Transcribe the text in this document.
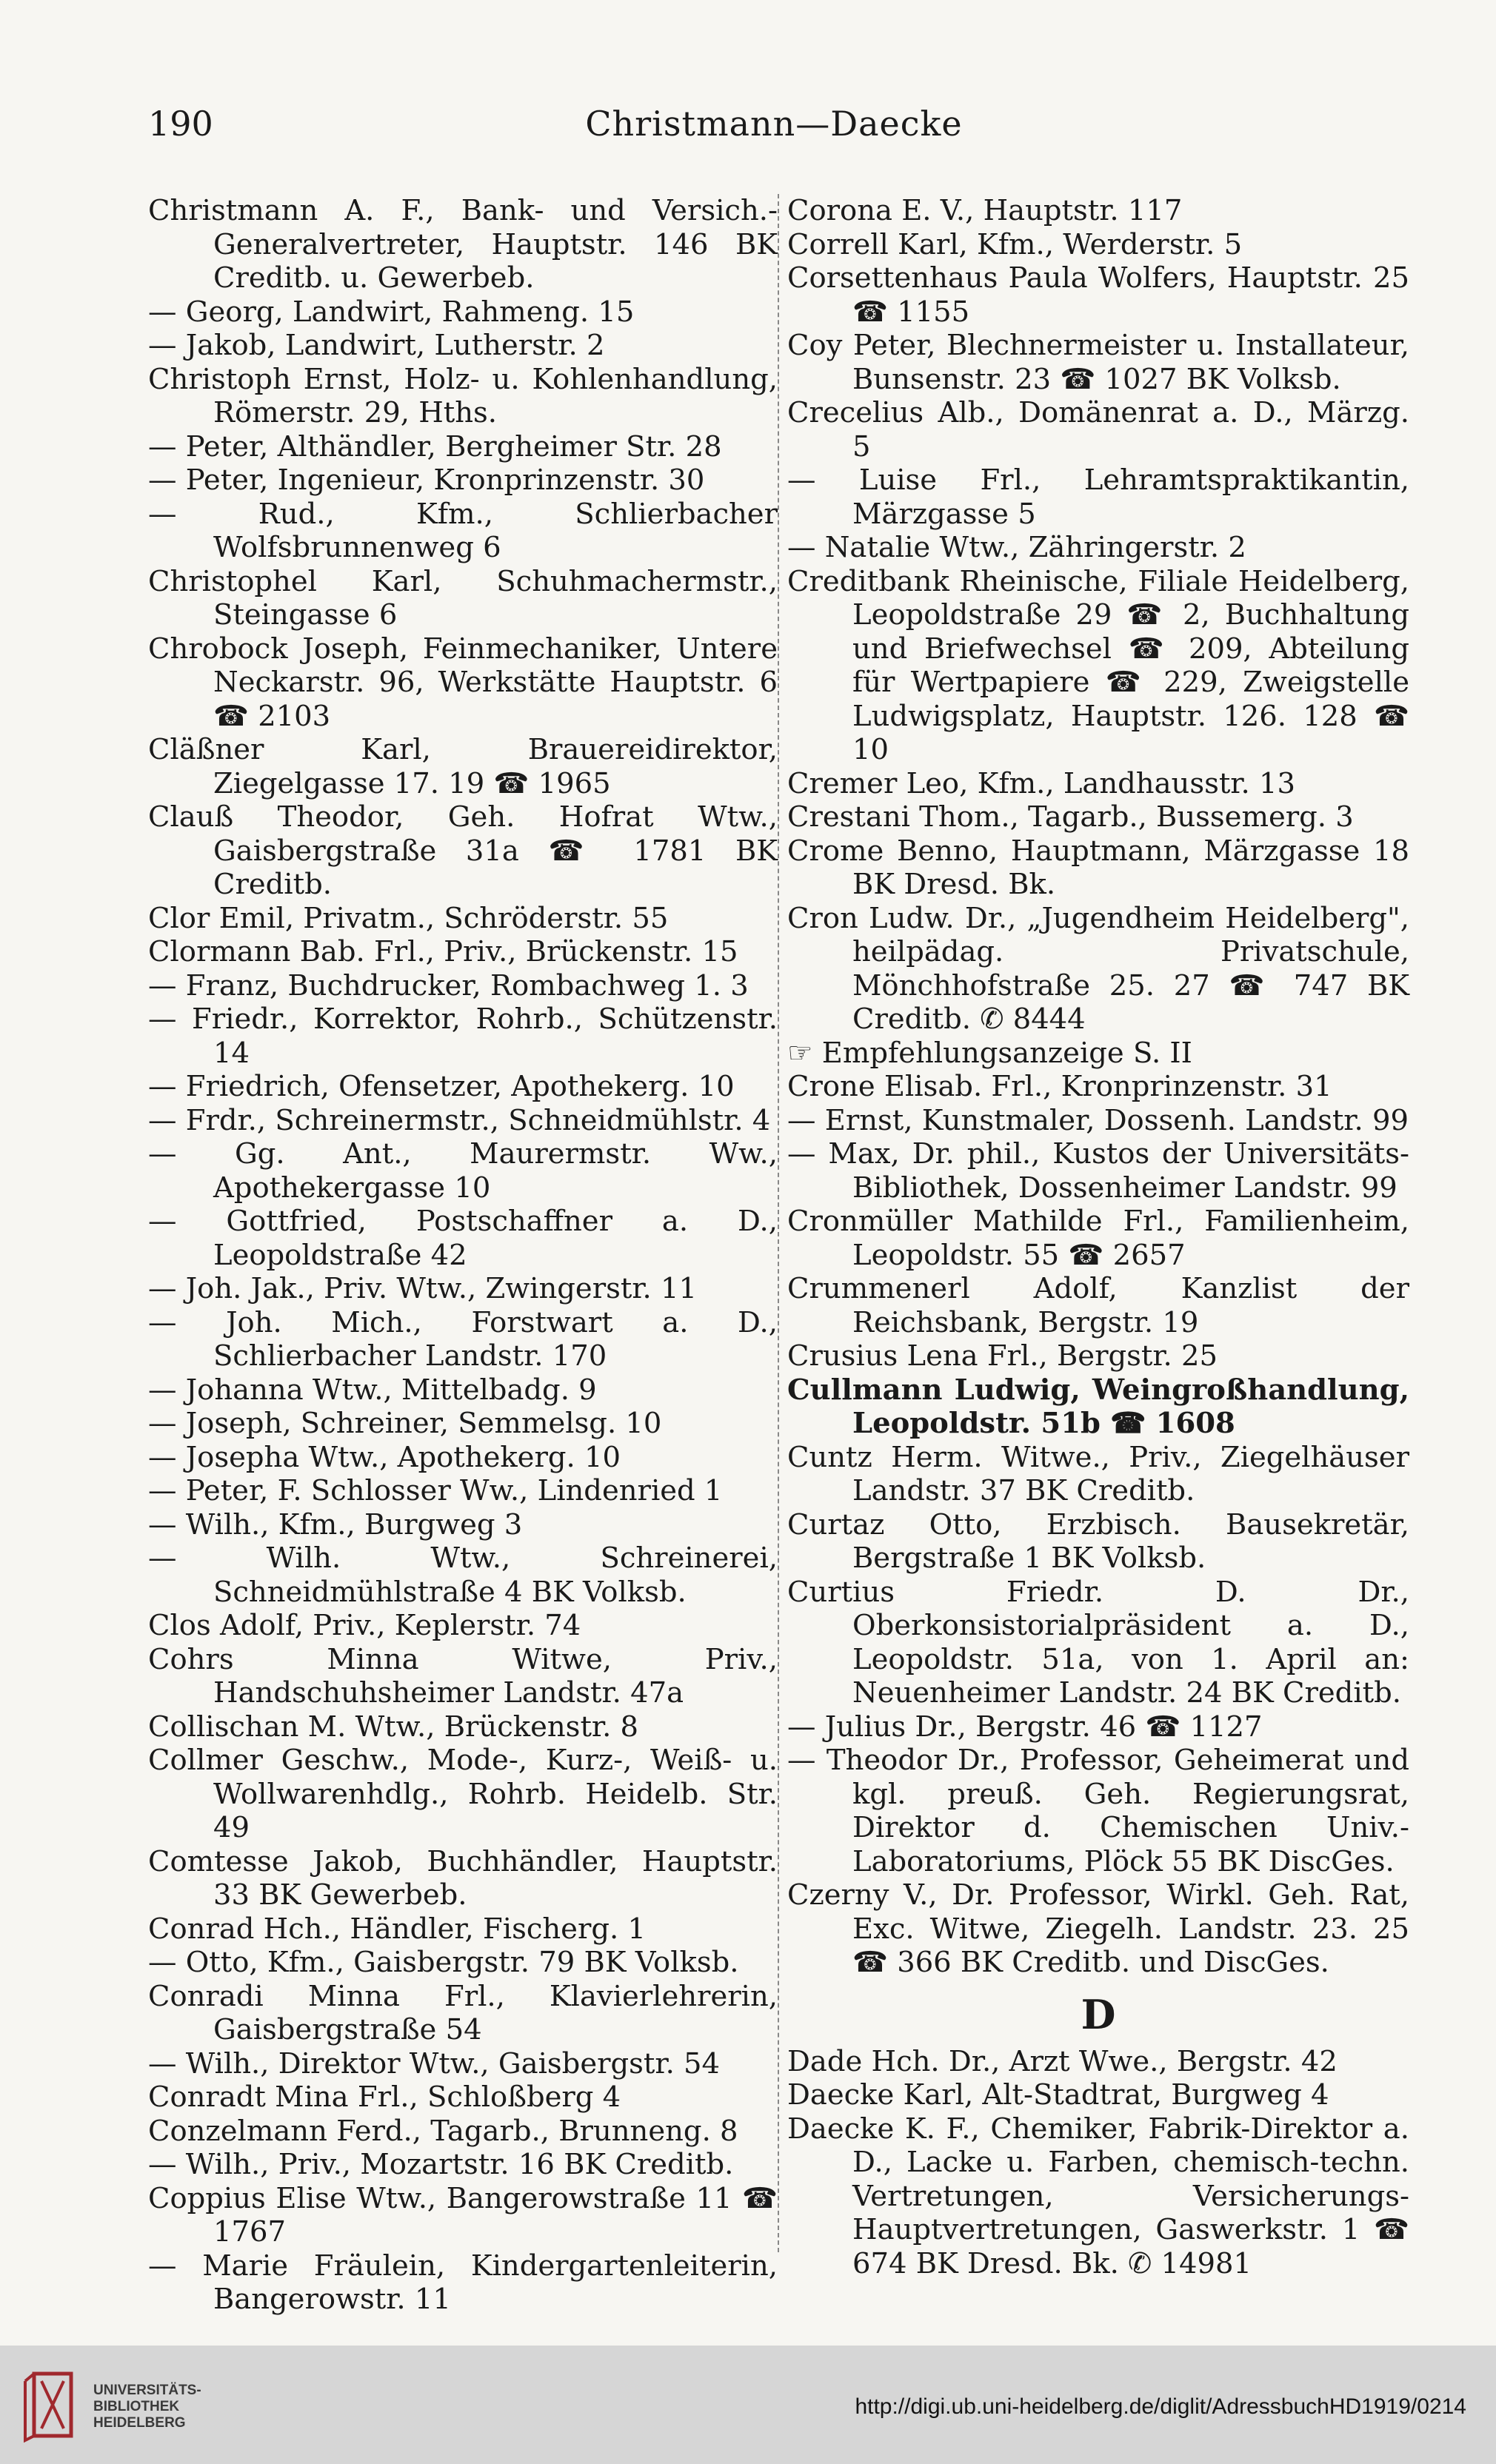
190	Christmann—Daecke

Christmann A. F., Bank- und Versich.-Generalvertreter, Hauptstr. 146 BK Creditb. u. Gewerbeb.

— Georg, Landwirt, Rahmeng. 15

— Jakob, Landwirt, Lutherstr. 2

Christoph Ernst, Holz- u. Kohlenhandlung, Römerstr. 29, Hths.

— Peter, Althändler, Bergheimer Str. 28

— Peter, Ingenieur, Kronprinzenstr. 30

— Rud., Kfm., Schlierbacher Wolfsbrunnenweg 6

Christophel Karl, Schuhmachermstr., Steingasse 6

Chrobock Joseph, Feinmechaniker, Untere Neckarstr. 96, Werkstätte Hauptstr. 6 ☎ 2103

Cläßner Karl, Brauereidirektor, Ziegelgasse 17. 19 ☎ 1965

Clauß Theodor, Geh. Hofrat Wtw., Gaisbergstraße 31a ☎ 1781 BK Creditb.

Clor Emil, Privatm., Schröderstr. 55

Clormann Bab. Frl., Priv., Brückenstr. 15

— Franz, Buchdrucker, Rombachweg 1. 3

— Friedr., Korrektor, Rohrb., Schützenstr. 14

— Friedrich, Ofensetzer, Apothekerg. 10

— Frdr., Schreinermstr., Schneidmühlstr. 4

— Gg. Ant., Maurermstr. Ww., Apothekergasse 10

— Gottfried, Postschaffner a. D., Leopoldstraße 42

— Joh. Jak., Priv. Wtw., Zwingerstr. 11

— Joh. Mich., Forstwart a. D., Schlierbacher Landstr. 170

— Johanna Wtw., Mittelbadg. 9

— Joseph, Schreiner, Semmelsg. 10

— Josepha Wtw., Apothekerg. 10

— Peter, F. Schlosser Ww., Lindenried 1

— Wilh., Kfm., Burgweg 3

— Wilh. Wtw., Schreinerei, Schneidmühlstraße 4 BK Volksb.

Clos Adolf, Priv., Keplerstr. 74

Cohrs Minna Witwe, Priv., Handschuhsheimer Landstr. 47a

Collischan M. Wtw., Brückenstr. 8

Collmer Geschw., Mode-, Kurz-, Weiß- u. Wollwarenhdlg., Rohrb. Heidelb. Str. 49

Comtesse Jakob, Buchhändler, Hauptstr. 33 BK Gewerbeb.

Conrad Hch., Händler, Fischerg. 1

— Otto, Kfm., Gaisbergstr. 79 BK Volksb.

Conradi Minna Frl., Klavierlehrerin, Gaisbergstraße 54

— Wilh., Direktor Wtw., Gaisbergstr. 54

Conradt Mina Frl., Schloßberg 4

Conzelmann Ferd., Tagarb., Brunneng. 8

— Wilh., Priv., Mozartstr. 16 BK Creditb.

Coppius Elise Wtw., Bangerowstraße 11 ☎ 1767

— Marie Fräulein, Kindergartenleiterin, Bangerowstr. 11

Corona E. V., Hauptstr. 117

Correll Karl, Kfm., Werderstr. 5

Corsettenhaus Paula Wolfers, Hauptstr. 25 ☎ 1155

Coy Peter, Blechnermeister u. Installateur, Bunsenstr. 23 ☎ 1027 BK Volksb.

Crecelius Alb., Domänenrat a. D., Märzg. 5

— Luise Frl., Lehramtspraktikantin, Märzgasse 5

— Natalie Wtw., Zähringerstr. 2

Creditbank Rheinische, Filiale Heidelberg, Leopoldstraße 29 ☎ 2, Buchhaltung und Briefwechsel ☎ 209, Abteilung für Wertpapiere ☎ 229, Zweigstelle Ludwigsplatz, Hauptstr. 126. 128 ☎ 10

Cremer Leo, Kfm., Landhausstr. 13

Crestani Thom., Tagarb., Bussemerg. 3

Crome Benno, Hauptmann, Märzgasse 18 BK Dresd. Bk.

Cron Ludw. Dr., „Jugendheim Heidelberg", heilpädag. Privatschule, Mönchhofstraße 25. 27 ☎ 747 BK Creditb. ✆ 8444

☞ Empfehlungsanzeige S. II

Crone Elisab. Frl., Kronprinzenstr. 31

— Ernst, Kunstmaler, Dossenh. Landstr. 99

— Max, Dr. phil., Kustos der Universitäts-Bibliothek, Dossenheimer Landstr. 99

Cronmüller Mathilde Frl., Familienheim, Leopoldstr. 55 ☎ 2657

Crummenerl Adolf, Kanzlist der Reichsbank, Bergstr. 19

Crusius Lena Frl., Bergstr. 25

Cullmann Ludwig, Weingroßhandlung, Leopoldstr. 51b ☎ 1608

Cuntz Herm. Witwe., Priv., Ziegelhäuser Landstr. 37 BK Creditb.

Curtaz Otto, Erzbisch. Bausekretär, Bergstraße 1 BK Volksb.

Curtius Friedr. D. Dr., Oberkonsistorialpräsident a. D., Leopoldstr. 51a, von 1. April an: Neuenheimer Landstr. 24 BK Creditb.

— Julius Dr., Bergstr. 46 ☎ 1127

— Theodor Dr., Professor, Geheimerat und kgl. preuß. Geh. Regierungsrat, Direktor d. Chemischen Univ.-Laboratoriums, Plöck 55 BK DiscGes.

Czerny V., Dr. Professor, Wirkl. Geh. Rat, Exc. Witwe, Ziegelh. Landstr. 23. 25 ☎ 366 BK Creditb. und DiscGes.

D

Dade Hch. Dr., Arzt Wwe., Bergstr. 42

Daecke Karl, Alt-Stadtrat, Burgweg 4

Daecke K. F., Chemiker, Fabrik-Direktor a. D., Lacke u. Farben, chemisch-techn. Vertretungen, Versicherungs-Hauptvertretungen, Gaswerkstr. 1 ☎ 674 BK Dresd. Bk. ✆ 14981

UNIVERSITÄTS-
BIBLIOTHEK
HEIDELBERG
http://digi.ub.uni-heidelberg.de/diglit/AdressbuchHD1919/0214
